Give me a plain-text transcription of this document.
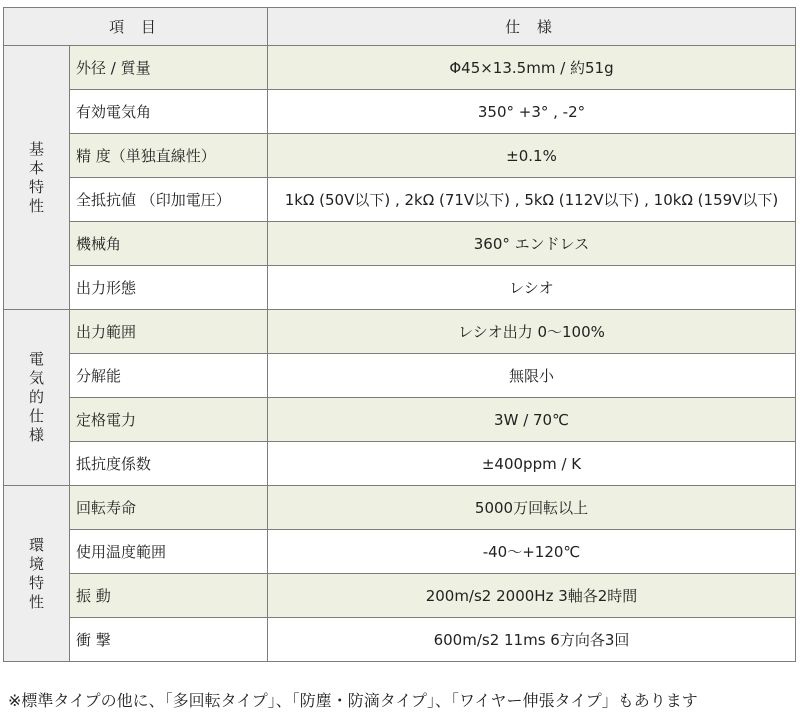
項 目		仕 様
基本特性	外径 / 質量	Φ45×13.5mm / 約51g
	有効電気角	350° +3° , -2°
	精 度（単独直線性）	±0.1%
	全抵抗値 （印加電圧）	1kΩ (50V以下) , 2kΩ (71V以下) , 5kΩ (112V以下) , 10kΩ (159V以下)
	機械角	360° エンドレス
	出力形態	レシオ
電気的仕様	出力範囲	レシオ出力 0～100%
	分解能	無限小
	定格電力	3W / 70℃
	抵抗度係数	±400ppm / K
環境特性	回転寿命	5000万回転以上
	使用温度範囲	-40～+120℃
	振 動	200m/s2 2000Hz 3軸各2時間
	衝 撃	600m/s2 11ms 6方向各3回
※標準タイプの他に、「多回転タイプ」、「防塵・防滴タイプ」、「ワイヤー伸張タイプ」もあります
